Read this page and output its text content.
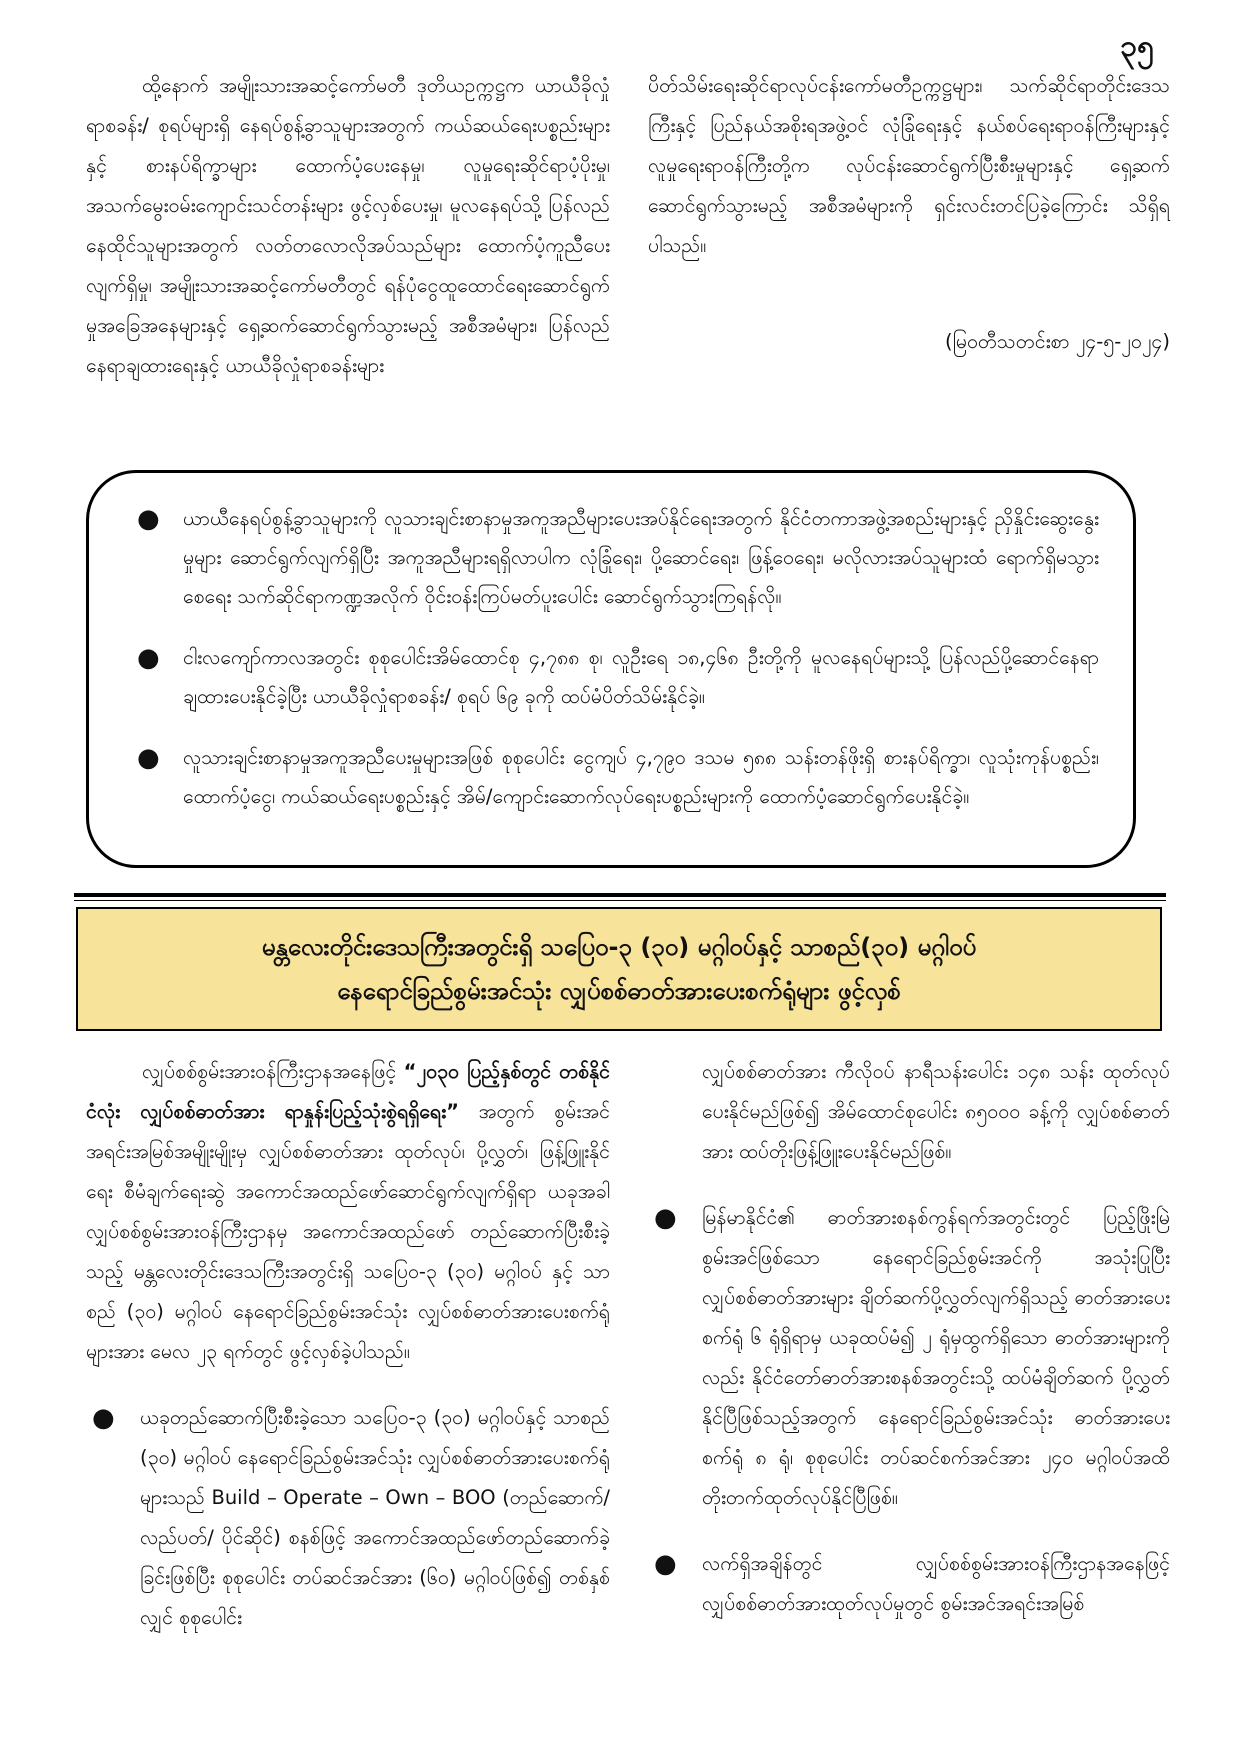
၃၅

ထို့နောက် အမျိုးသားအဆင့်ကော်မတီ ဒုတိယဥက္ကဋ္ဌက ယာယီခိုလှုံရာစခန်း/ စုရပ်များရှိ နေရပ်စွန့်ခွာသူများအတွက် ကယ်ဆယ်ရေးပစ္စည်းများနှင့် စားနပ်ရိက္ခာများ ထောက်ပံ့ပေးနေမှု၊ လူမှုရေးဆိုင်ရာပံ့ပိုးမှု၊ အသက်မွေးဝမ်းကျောင်းသင်တန်းများ ဖွင့်လှစ်ပေးမှု၊ မူလနေရပ်သို့ ပြန်လည်နေထိုင်သူများအတွက် လတ်တလောလိုအပ်သည်များ ထောက်ပံ့ကူညီပေးလျက်ရှိမှု၊ အမျိုးသားအဆင့်ကော်မတီတွင် ရန်ပုံငွေထူထောင်ရေးဆောင်ရွက်မှုအခြေအနေများနှင့် ရှေ့ဆက်ဆောင်ရွက်သွားမည့် အစီအမံများ၊ ပြန်လည်နေရာချထားရေးနှင့် ယာယီခိုလှုံရာစခန်းများ

ပိတ်သိမ်းရေးဆိုင်ရာလုပ်ငန်းကော်မတီဥက္ကဋ္ဌများ၊ သက်ဆိုင်ရာတိုင်းဒေသကြီးနှင့် ပြည်နယ်အစိုးရအဖွဲ့ဝင် လုံခြုံရေးနှင့် နယ်စပ်ရေးရာဝန်ကြီးများနှင့် လူမှုရေးရာဝန်ကြီးတို့က လုပ်ငန်းဆောင်ရွက်ပြီးစီးမှုများနှင့် ရှေ့ဆက်ဆောင်ရွက်သွားမည့် အစီအမံများကို ရှင်းလင်းတင်ပြခဲ့ကြောင်း သိရှိရပါသည်။

(မြဝတီသတင်းစာ ၂၄-၅-၂၀၂၄)
● ယာယီနေရပ်စွန့်ခွာသူများကို လူသားချင်းစာနာမှုအကူအညီများပေးအပ်နိုင်ရေးအတွက် နိုင်ငံတကာအဖွဲ့အစည်းများနှင့် ညှိနှိုင်းဆွေးနွေးမှုများ ဆောင်ရွက်လျက်ရှိပြီး အကူအညီများရရှိလာပါက လုံခြုံရေး၊ ပို့ဆောင်ရေး၊ ဖြန့်ဝေရေး၊ မလိုလားအပ်သူများထံ ရောက်ရှိမသွားစေရေး သက်ဆိုင်ရာကဏ္ဍအလိုက် ဝိုင်းဝန်းကြပ်မတ်ပူးပေါင်း ဆောင်ရွက်သွားကြရန်လို။
● ငါးလကျော်ကာလအတွင်း စုစုပေါင်းအိမ်ထောင်စု ၄,၇၈၈ စု၊ လူဦးရေ ၁၈,၄၆၈ ဦးတို့ကို မူလနေရပ်များသို့ ပြန်လည်ပို့ဆောင်နေရာချထားပေးနိုင်ခဲ့ပြီး ယာယီခိုလှုံရာစခန်း/ စုရပ် ၆၉ ခုကို ထပ်မံပိတ်သိမ်းနိုင်ခဲ့။
● လူသားချင်းစာနာမှုအကူအညီပေးမှုများအဖြစ် စုစုပေါင်း ငွေကျပ် ၄,၇၉၀ ဒသမ ၅၈၈ သန်းတန်ဖိုးရှိ စားနပ်ရိက္ခာ၊ လူသုံးကုန်ပစ္စည်း၊ ထောက်ပံ့ငွေ၊ ကယ်ဆယ်ရေးပစ္စည်းနှင့် အိမ်/ကျောင်းဆောက်လုပ်ရေးပစ္စည်းများကို ထောက်ပံ့ဆောင်ရွက်ပေးနိုင်ခဲ့။
မန္တလေးတိုင်းဒေသကြီးအတွင်းရှိ သပြေဝ-၃ (၃၀) မဂ္ဂါဝပ်နှင့် သာစည်(၃၀) မဂ္ဂါဝပ်
နေရောင်ခြည်စွမ်းအင်သုံး လျှပ်စစ်ဓာတ်အားပေးစက်ရုံများ ဖွင့်လှစ်

လျှပ်စစ်စွမ်းအားဝန်ကြီးဌာနအနေဖြင့် “၂၀၃၀ ပြည့်နှစ်တွင် တစ်နိုင်ငံလုံး လျှပ်စစ်ဓာတ်အား ရာနှုန်းပြည့်သုံးစွဲရရှိရေး” အတွက် စွမ်းအင်အရင်းအမြစ်အမျိုးမျိုးမှ လျှပ်စစ်ဓာတ်အား ထုတ်လုပ်၊ ပို့လွှတ်၊ ဖြန့်ဖြူးနိုင်ရေး စီမံချက်ရေးဆွဲ အကောင်အထည်ဖော်ဆောင်ရွက်လျက်ရှိရာ ယခုအခါ လျှပ်စစ်စွမ်းအားဝန်ကြီးဌာနမှ အကောင်အထည်ဖော် တည်ဆောက်ပြီးစီးခဲ့သည့် မန္တလေးတိုင်းဒေသကြီးအတွင်းရှိ သပြေဝ-၃ (၃၀) မဂ္ဂါဝပ် နှင့် သာစည် (၃၀) မဂ္ဂါဝပ် နေရောင်ခြည်စွမ်းအင်သုံး လျှပ်စစ်ဓာတ်အားပေးစက်ရုံများအား မေလ ၂၃ ရက်တွင် ဖွင့်လှစ်ခဲ့ပါသည်။

● ယခုတည်ဆောက်ပြီးစီးခဲ့သော သပြေဝ-၃ (၃၀) မဂ္ဂါဝပ်နှင့် သာစည် (၃၀) မဂ္ဂါဝပ် နေရောင်ခြည်စွမ်းအင်သုံး လျှပ်စစ်ဓာတ်အားပေးစက်ရုံများသည် Build – Operate – Own – BOO (တည်ဆောက်/ လည်ပတ်/ ပိုင်ဆိုင်) စနစ်ဖြင့် အကောင်အထည်ဖော်တည်ဆောက်ခဲ့ခြင်းဖြစ်ပြီး စုစုပေါင်း တပ်ဆင်အင်အား (၆၀) မဂ္ဂါဝပ်ဖြစ်၍ တစ်နှစ်လျှင် စုစုပေါင်း

လျှပ်စစ်ဓာတ်အား ကီလိုဝပ် နာရီသန်းပေါင်း ၁၄၈ သန်း ထုတ်လုပ်ပေးနိုင်မည်ဖြစ်၍ အိမ်ထောင်စုပေါင်း ၈၅၀၀၀ ခန့်ကို လျှပ်စစ်ဓာတ်အား ထပ်တိုးဖြန့်ဖြူးပေးနိုင်မည်ဖြစ်။

● မြန်မာနိုင်ငံ၏ ဓာတ်အားစနစ်ကွန်ရက်အတွင်းတွင် ပြည့်ဖြိုးမြဲစွမ်းအင်ဖြစ်သော နေရောင်ခြည်စွမ်းအင်ကို အသုံးပြုပြီး လျှပ်စစ်ဓာတ်အားများ ချိတ်ဆက်ပို့လွှတ်လျက်ရှိသည့် ဓာတ်အားပေးစက်ရုံ ၆ ရုံရှိရာမှ ယခုထပ်မံ၍ ၂ ရုံမှထွက်ရှိသော ဓာတ်အားများကိုလည်း နိုင်ငံတော်ဓာတ်အားစနစ်အတွင်းသို့ ထပ်မံချိတ်ဆက် ပို့လွှတ်နိုင်ပြီဖြစ်သည့်အတွက် နေရောင်ခြည်စွမ်းအင်သုံး ဓာတ်အားပေးစက်ရုံ ၈ ရုံ၊ စုစုပေါင်း တပ်ဆင်စက်အင်အား ၂၄၀ မဂ္ဂါဝပ်အထိ တိုးတက်ထုတ်လုပ်နိုင်ပြီဖြစ်။
● လက်ရှိအချိန်တွင် လျှပ်စစ်စွမ်းအားဝန်ကြီးဌာနအနေဖြင့် လျှပ်စစ်ဓာတ်အားထုတ်လုပ်မှုတွင် စွမ်းအင်အရင်းအမြစ်
